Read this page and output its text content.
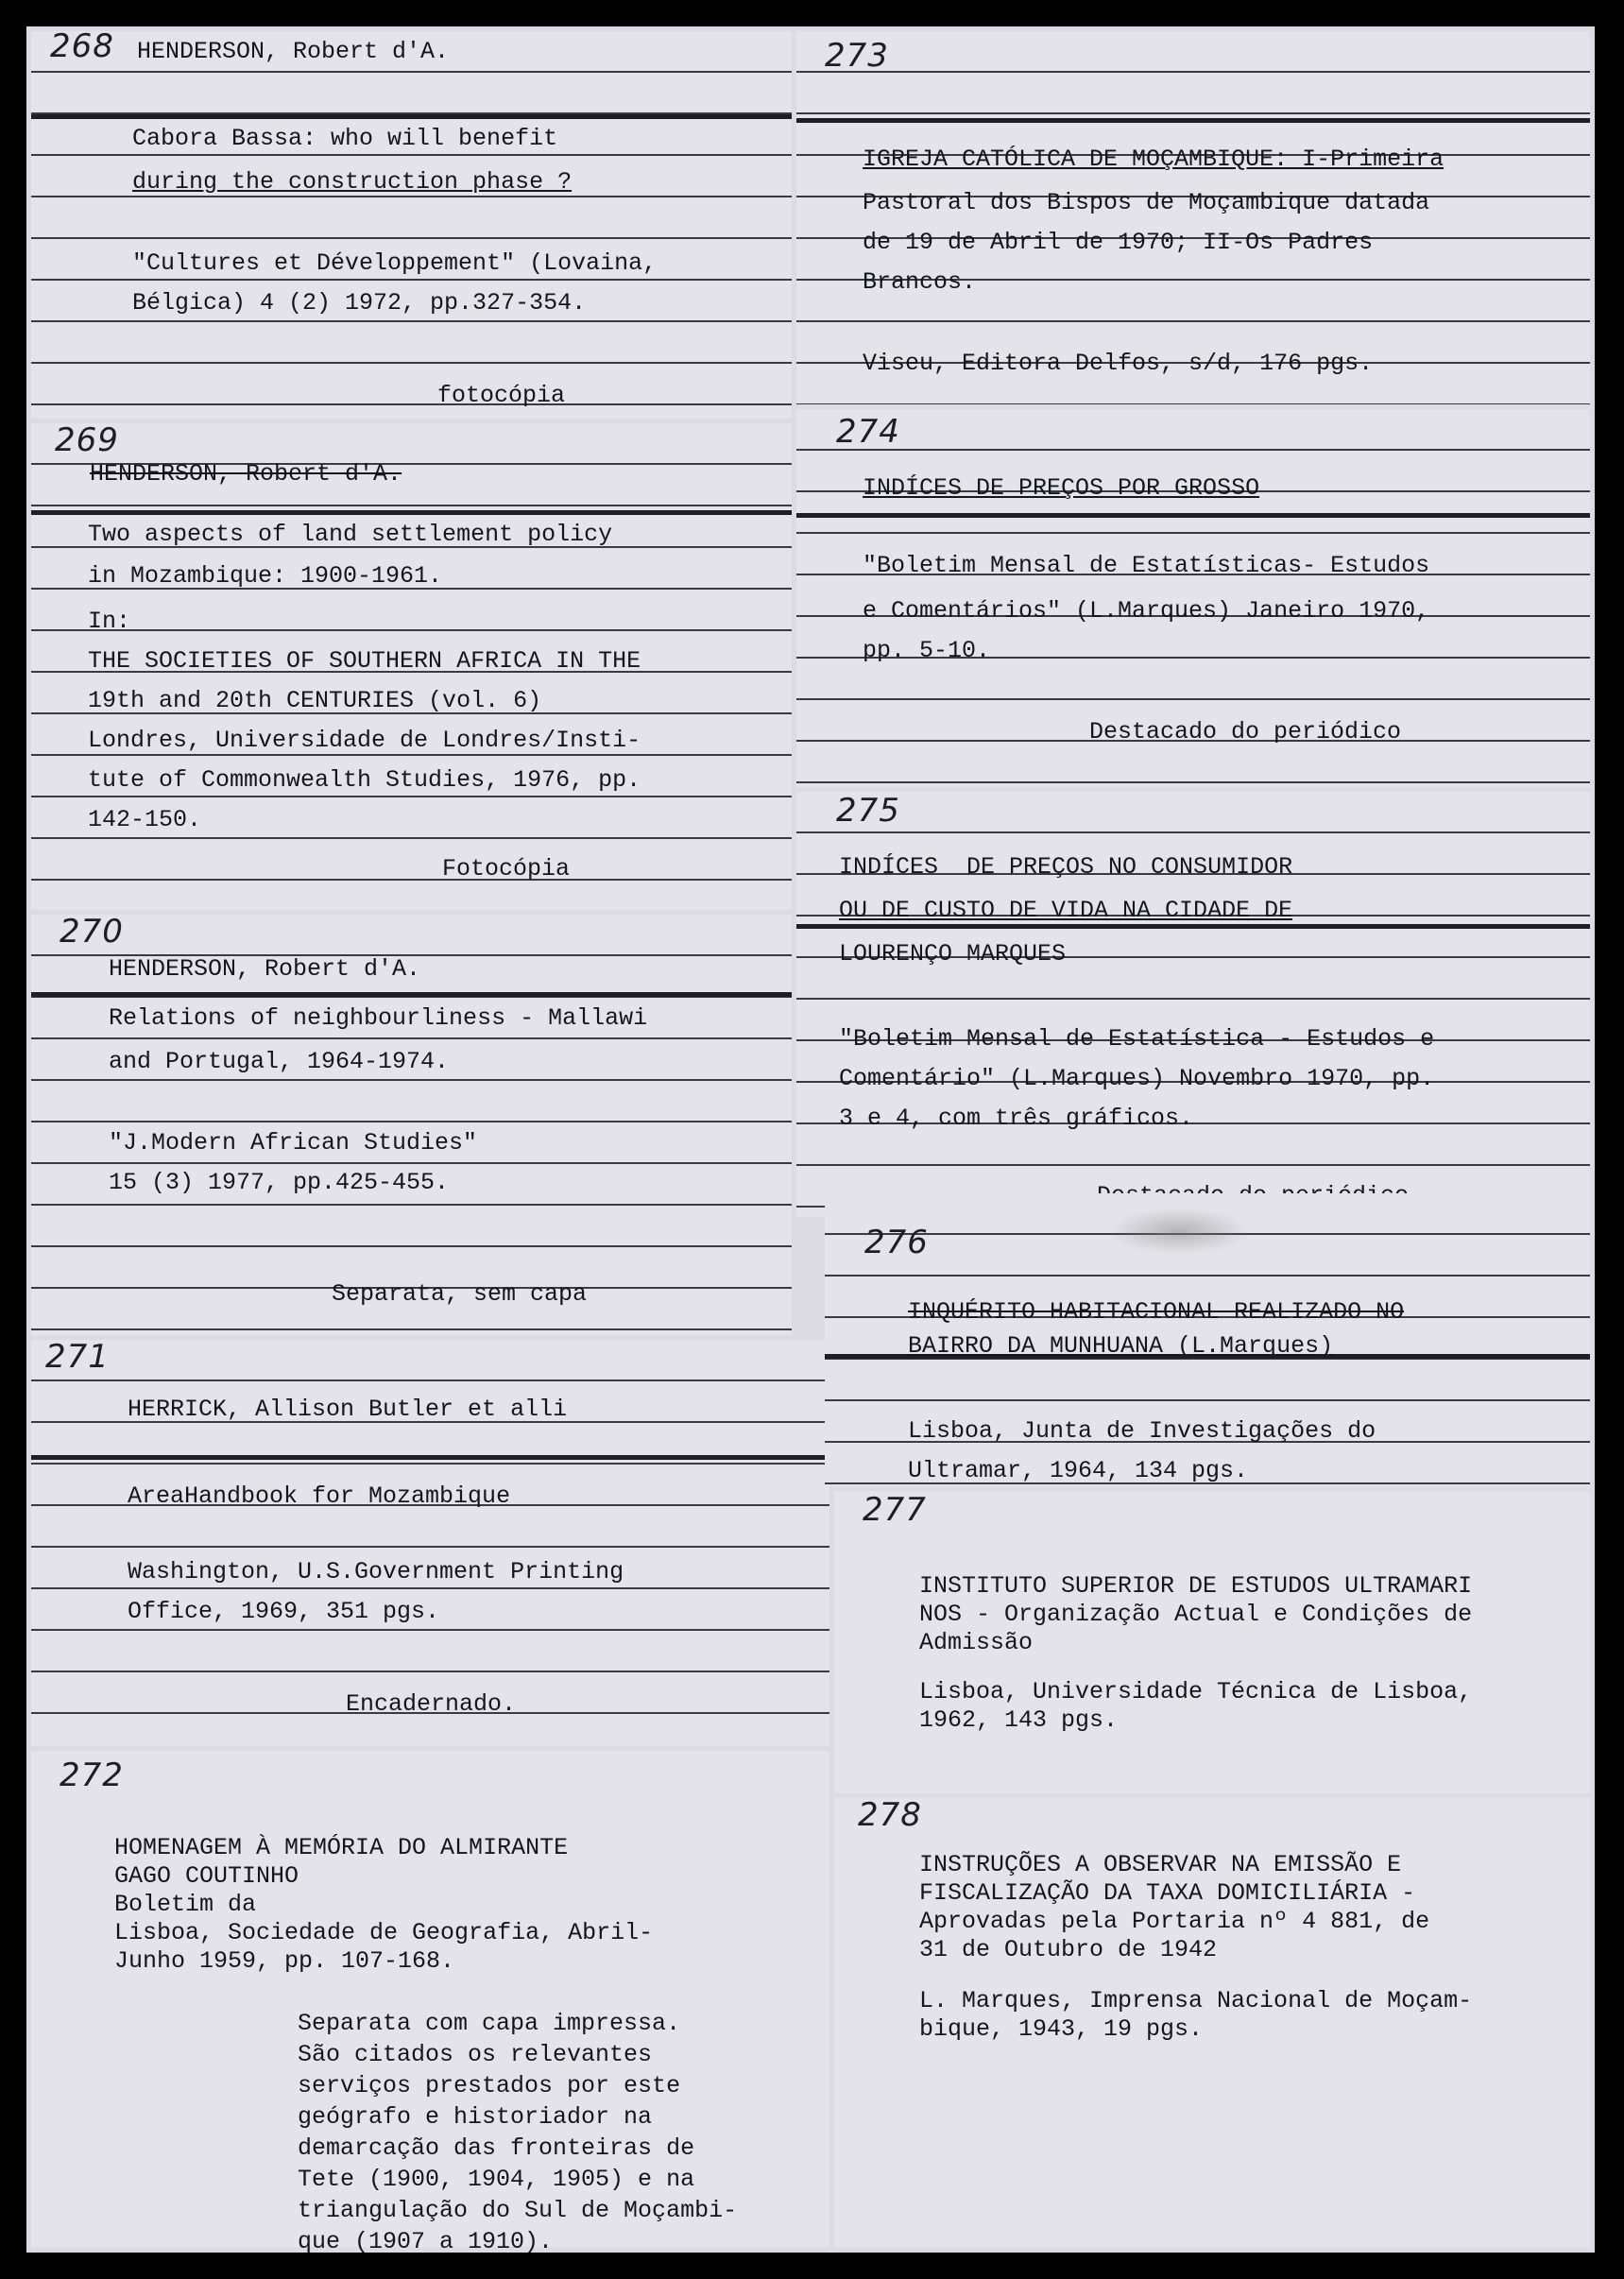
268 HENDERSON, Robert d'A.
Cabora Bassa: who will benefit
during the construction phase ?
"Cultures et Développement" (Lovaina,
Bélgica) 4 (2) 1972, pp.327-354.
fotocópia
269
HENDERSON, Robert d'A.
Two aspects of land settlement policy
in Mozambique: 1900-1961.
In:
THE SOCIETIES OF SOUTHERN AFRICA IN THE
19th and 20th CENTURIES (vol. 6)
Londres, Universidade de Londres/Insti-
tute of Commonwealth Studies, 1976, pp.
142-150.
Fotocópia
270
HENDERSON, Robert d'A.
Relations of neighbourliness - Mallawi
and Portugal, 1964-1974.
"J.Modern African Studies"
15 (3) 1977, pp.425-455.
Separata, sem capa
271
HERRICK, Allison Butler et alli
AreaHandbook for Mozambique
Washington, U.S.Government Printing
Office, 1969, 351 pgs.
Encadernado.
272
HOMENAGEM À MEMÓRIA DO ALMIRANTE
GAGO COUTINHO
Boletim da
Lisboa, Sociedade de Geografia, Abril-
Junho 1959, pp. 107-168.
Separata com capa impressa.
São citados os relevantes
serviços prestados por este
geógrafo e historiador na
demarcação das fronteiras de
Tete (1900, 1904, 1905) e na
triangulação do Sul de Moçambi-
que (1907 a 1910).
273
IGREJA CATÓLICA DE MOÇAMBIQUE: I-Primeira
Pastoral dos Bispos de Moçambique datada
de 19 de Abril de 1970; II-Os Padres
Brancos.
Viseu, Editora Delfos, s/d, 176 pgs.
274
INDÍCES DE PREÇOS POR GROSSO
"Boletim Mensal de Estatísticas- Estudos
e Comentários" (L.Marques) Janeiro 1970,
pp. 5-10.
Destacado do periódico
275
INDÍCES  DE PREÇOS NO CONSUMIDOR
OU DE CUSTO DE VIDA NA CIDADE DE
LOURENÇO MARQUES
"Boletim Mensal de Estatística - Estudos e
Comentário" (L.Marques) Novembro 1970, pp.
3 e 4, com três gráficos.
276
INQUÉRITO HABITACIONAL REALIZADO NO
BAIRRO DA MUNHUANA (L.Marques)
Lisboa, Junta de Investigações do
Ultramar, 1964, 134 pgs.
277
INSTITUTO SUPERIOR DE ESTUDOS ULTRAMARI
NOS - Organização Actual e Condições de
Admissão
Lisboa, Universidade Técnica de Lisboa,
1962, 143 pgs.
278
INSTRUÇÕES A OBSERVAR NA EMISSÃO E
FISCALIZAÇÃO DA TAXA DOMICILIÁRIA -
Aprovadas pela Portaria nº 4 881, de
31 de Outubro de 1942
L. Marques, Imprensa Nacional de Moçam-
bique, 1943, 19 pgs.
